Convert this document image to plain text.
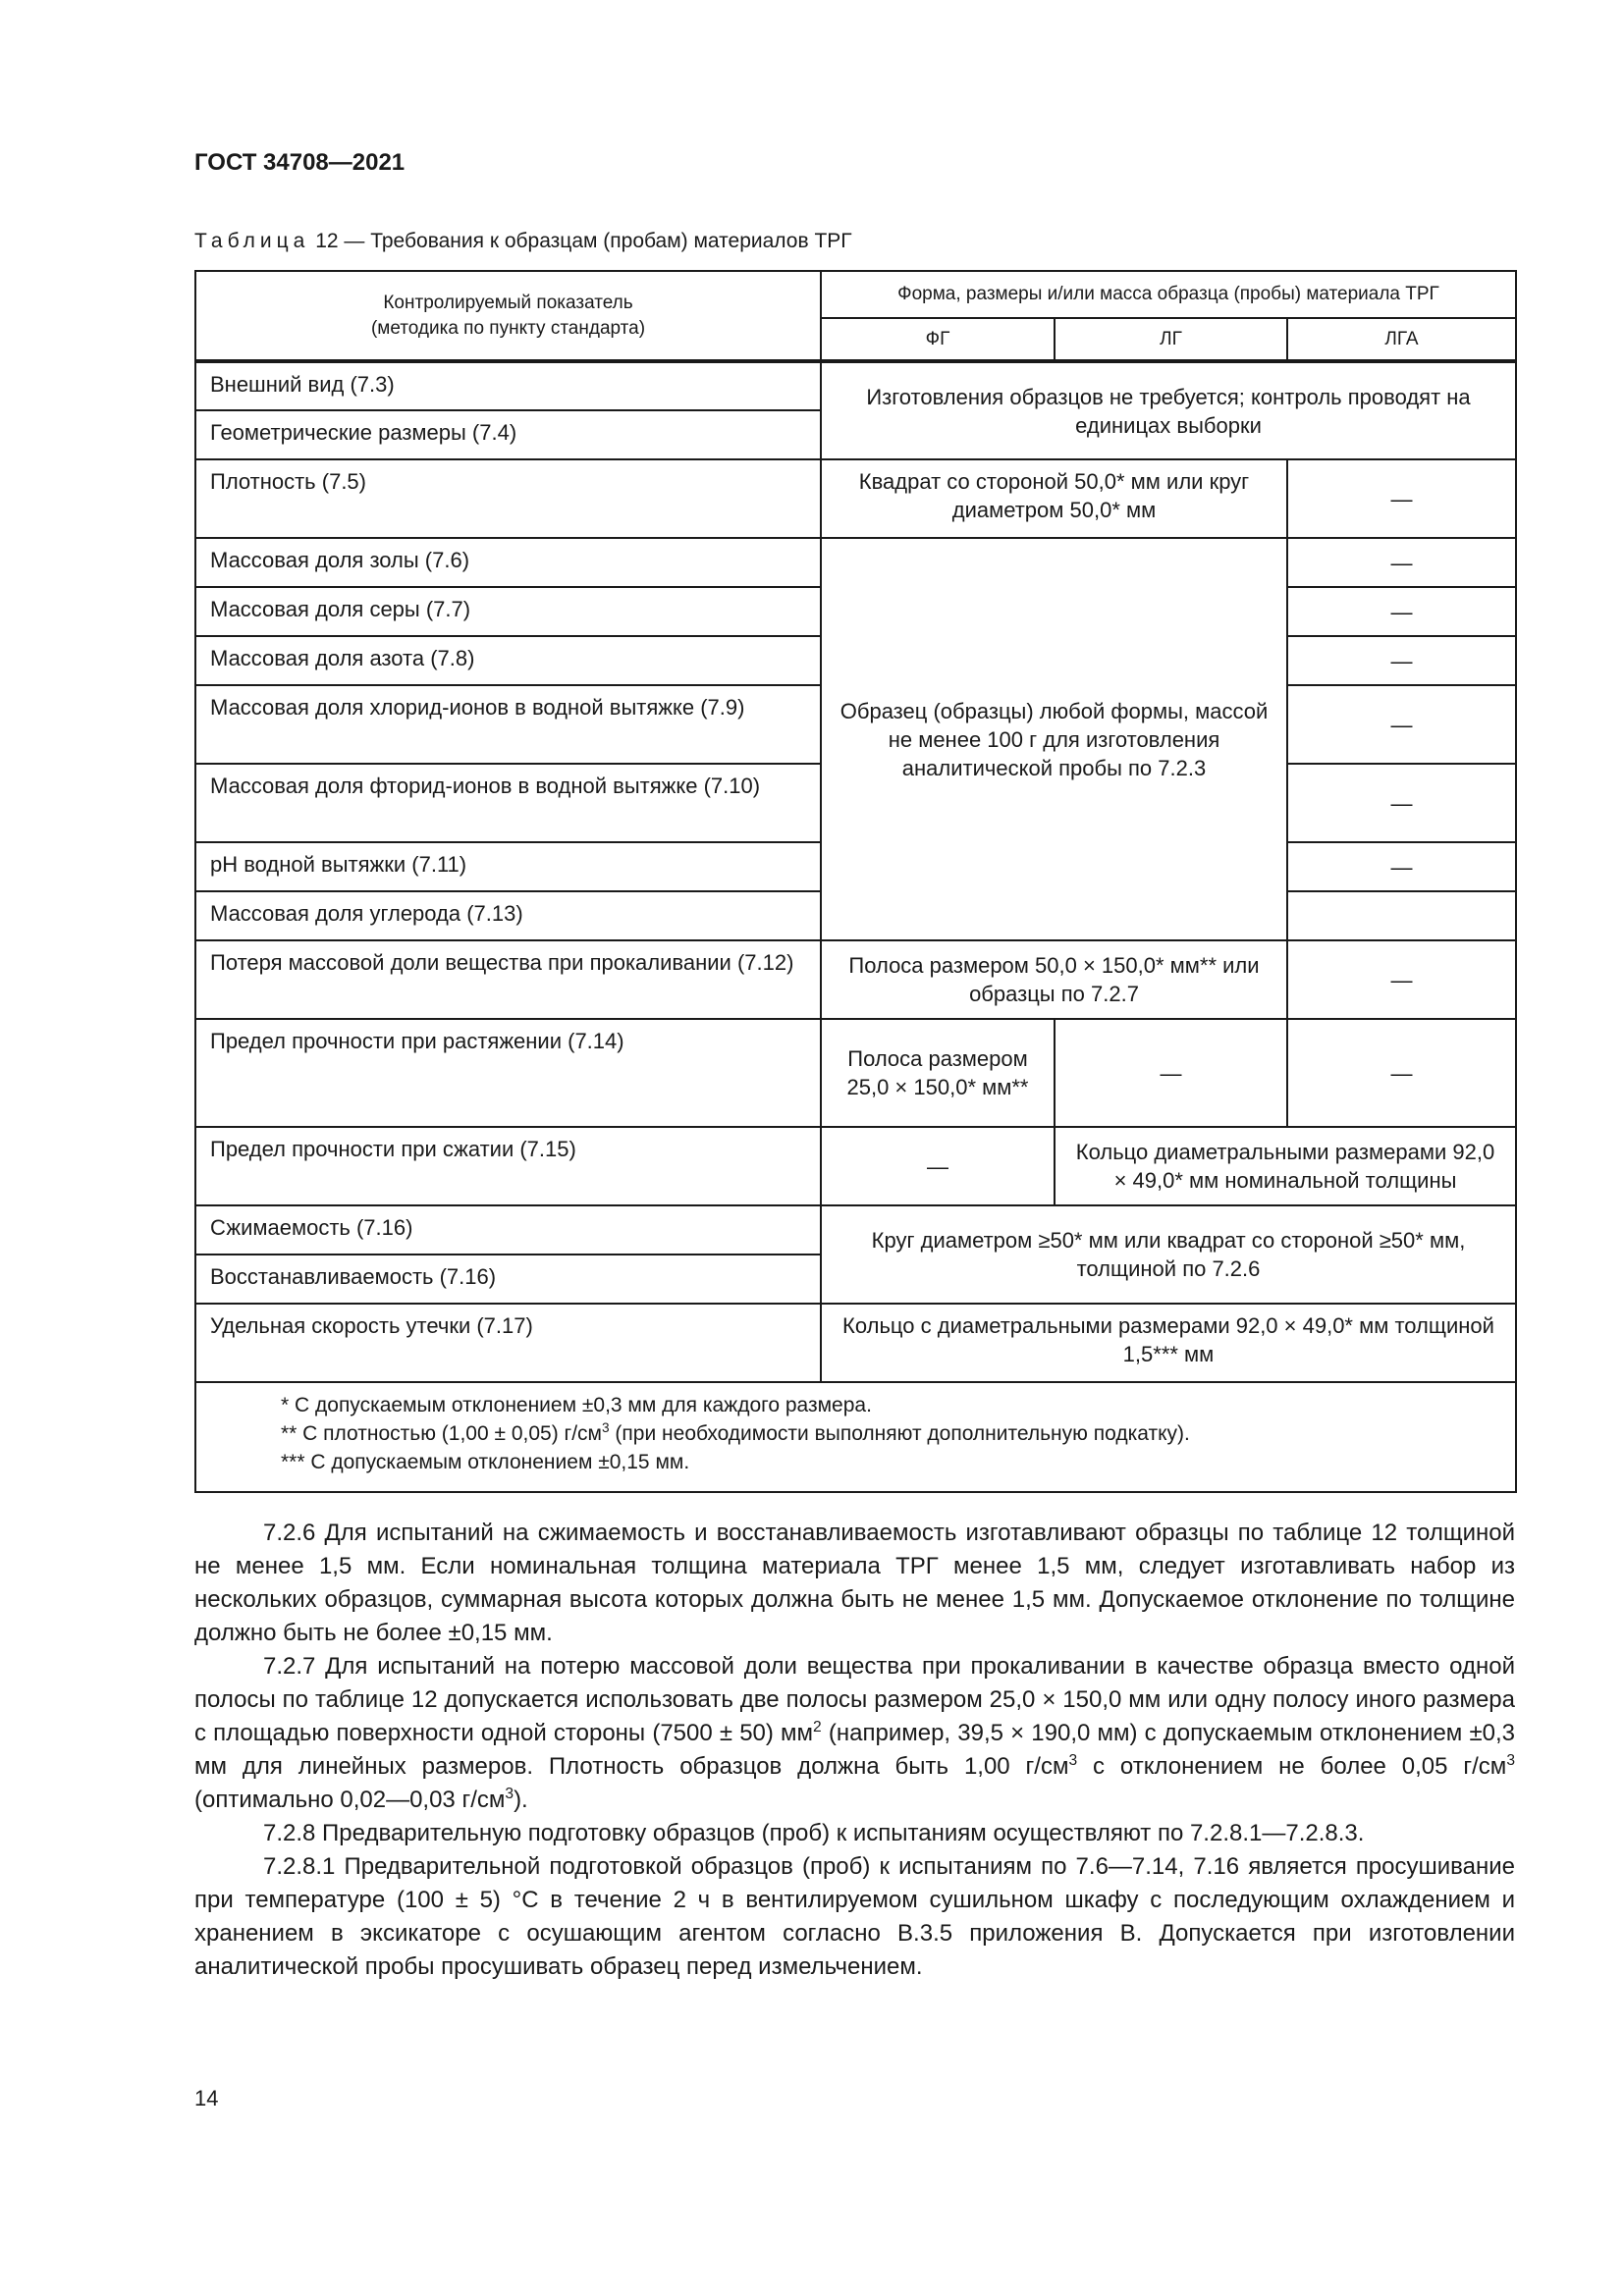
ГОСТ 34708—2021
Таблица 12 — Требования к образцам (пробам) материалов ТРГ
Контролируемый показатель
(методика по пункту стандарта)	Форма, размеры и/или масса образца (пробы) материала ТРГ		
	ФГ	ЛГ	ЛГА
Внешний вид (7.3)	Изготовления образцов не требуется; контроль проводят на единицах выборки		
Геометрические размеры (7.4)			
Плотность (7.5)	Квадрат со стороной 50,0* мм или круг диаметром 50,0* мм		—
Массовая доля золы (7.6)	Образец (образцы) любой формы, массой не менее 100 г для изготовления аналитической пробы по 7.2.3		—
Массовая доля серы (7.7)			—
Массовая доля азота (7.8)			—
Массовая доля хлорид-ионов в водной вытяжке (7.9)			—
Массовая доля фторид-ионов в водной вытяжке (7.10)			—
pH водной вытяжки (7.11)			—
Массовая доля углерода (7.13)			
Потеря массовой доли вещества при прокаливании (7.12)	Полоса размером 50,0 × 150,0* мм** или образцы по 7.2.7		—
Предел прочности при растяжении (7.14)	Полоса размером 25,0 × 150,0* мм**	—	—
Предел прочности при сжатии (7.15)	—	Кольцо диаметральными размерами 92,0 × 49,0* мм номинальной толщины	
Сжимаемость (7.16)	Круг диаметром ≥50* мм или квадрат со стороной ≥50* мм, толщиной по 7.2.6		
Восстанавливаемость (7.16)			
Удельная скорость утечки (7.17)	Кольцо с диаметральными размерами 92,0 × 49,0* мм толщиной 1,5*** мм		

* С допускаемым отклонением ±0,3 мм для каждого размера.
** С плотностью (1,00 ± 0,05) $г/см^3$ (при необходимости выполняют дополнительную подкатку).
*** С допускаемым отклонением ±0,15 мм.			

7.2.6 Для испытаний на сжимаемость и восстанавливаемость изготавливают образцы по таблице 12 толщиной не менее 1,5 мм. Если номинальная толщина материала ТРГ менее 1,5 мм, следует изготавливать набор из нескольких образцов, суммарная высота которых должна быть не менее 1,5 мм. Допускаемое отклонение по толщине должно быть не более ±0,15 мм.

7.2.7 Для испытаний на потерю массовой доли вещества при прокаливании в качестве образца вместо одной полосы по таблице 12 допускается использовать две полосы размером 25,0 × 150,0 мм или одну полосу иного размера с площадью поверхности одной стороны (7500 ± 50) $мм^2$ (например, 39,5 × 190,0 мм) с допускаемым отклонением ±0,3 мм для линейных размеров. Плотность образцов должна быть 1,00 $г/см^3$ с отклонением не более 0,05 $г/см^3$ (оптимально 0,02—0,03 $г/см^3$).

7.2.8 Предварительную подготовку образцов (проб) к испытаниям осуществляют по 7.2.8.1—7.2.8.3.

7.2.8.1 Предварительной подготовкой образцов (проб) к испытаниям по 7.6—7.14, 7.16 является просушивание при температуре (100 ± 5) °С в течение 2 ч в вентилируемом сушильном шкафу с последующим охлаждением и хранением в эксикаторе с осушающим агентом согласно В.3.5 приложения В. Допускается при изготовлении аналитической пробы просушивать образец перед измельчением.

14
